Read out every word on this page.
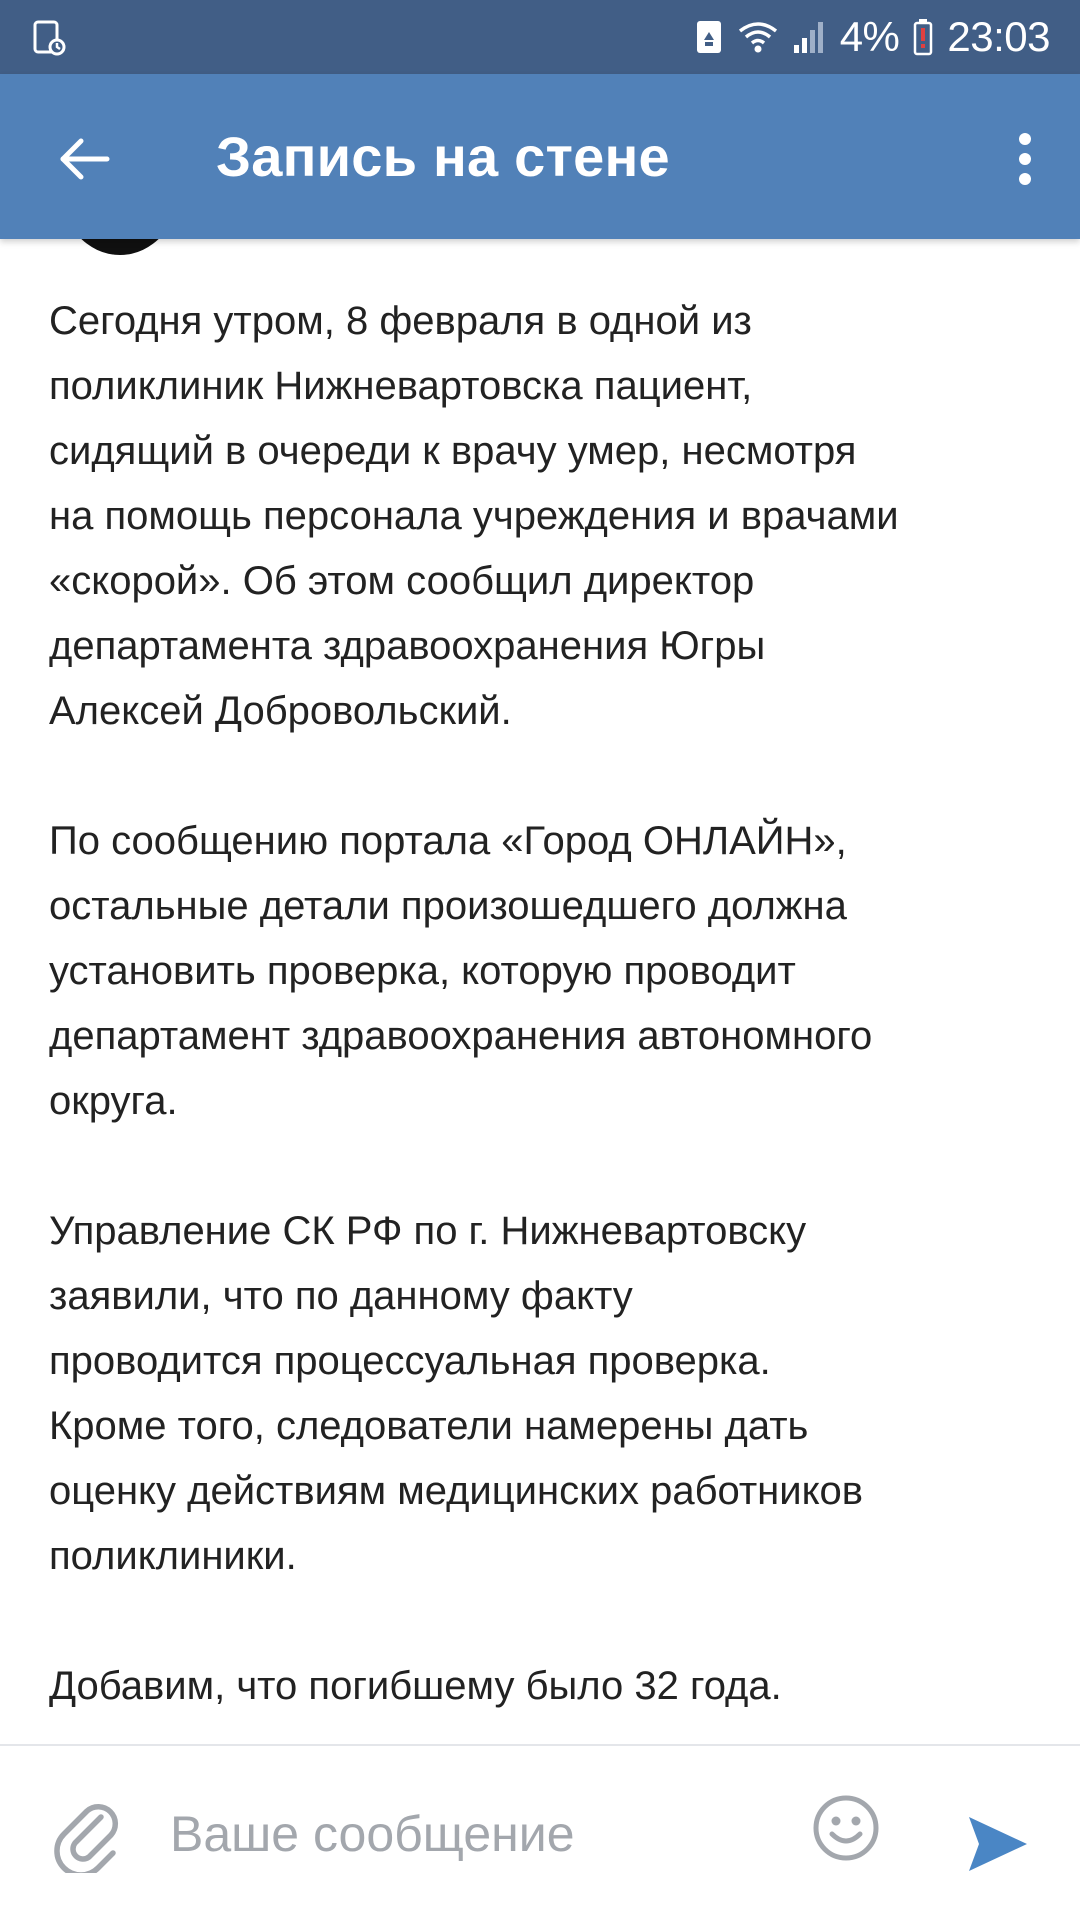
4% 23:03
Запись на стене

Сегодня утром, 8 февраля в одной из
поликлиник Нижневартовска пациент,
сидящий в очереди к врачу умер, несмотря
на помощь персонала учреждения и врачами
«скорой». Об этом сообщил директор
департамента здравоохранения Югры
Алексей Добровольский.

По сообщению портала «Город ОНЛАЙН»,
остальные детали произошедшего должна
установить проверка, которую проводит
департамент здравоохранения автономного
округа.

Управление СК РФ по г. Нижневартовску
заявили, что по данному факту
проводится процессуальная проверка.
Кроме того, следователи намерены дать
оценку действиям медицинских работников
поликлиники.

Добавим, что погибшему было 32 года.

Ваше сообщение
